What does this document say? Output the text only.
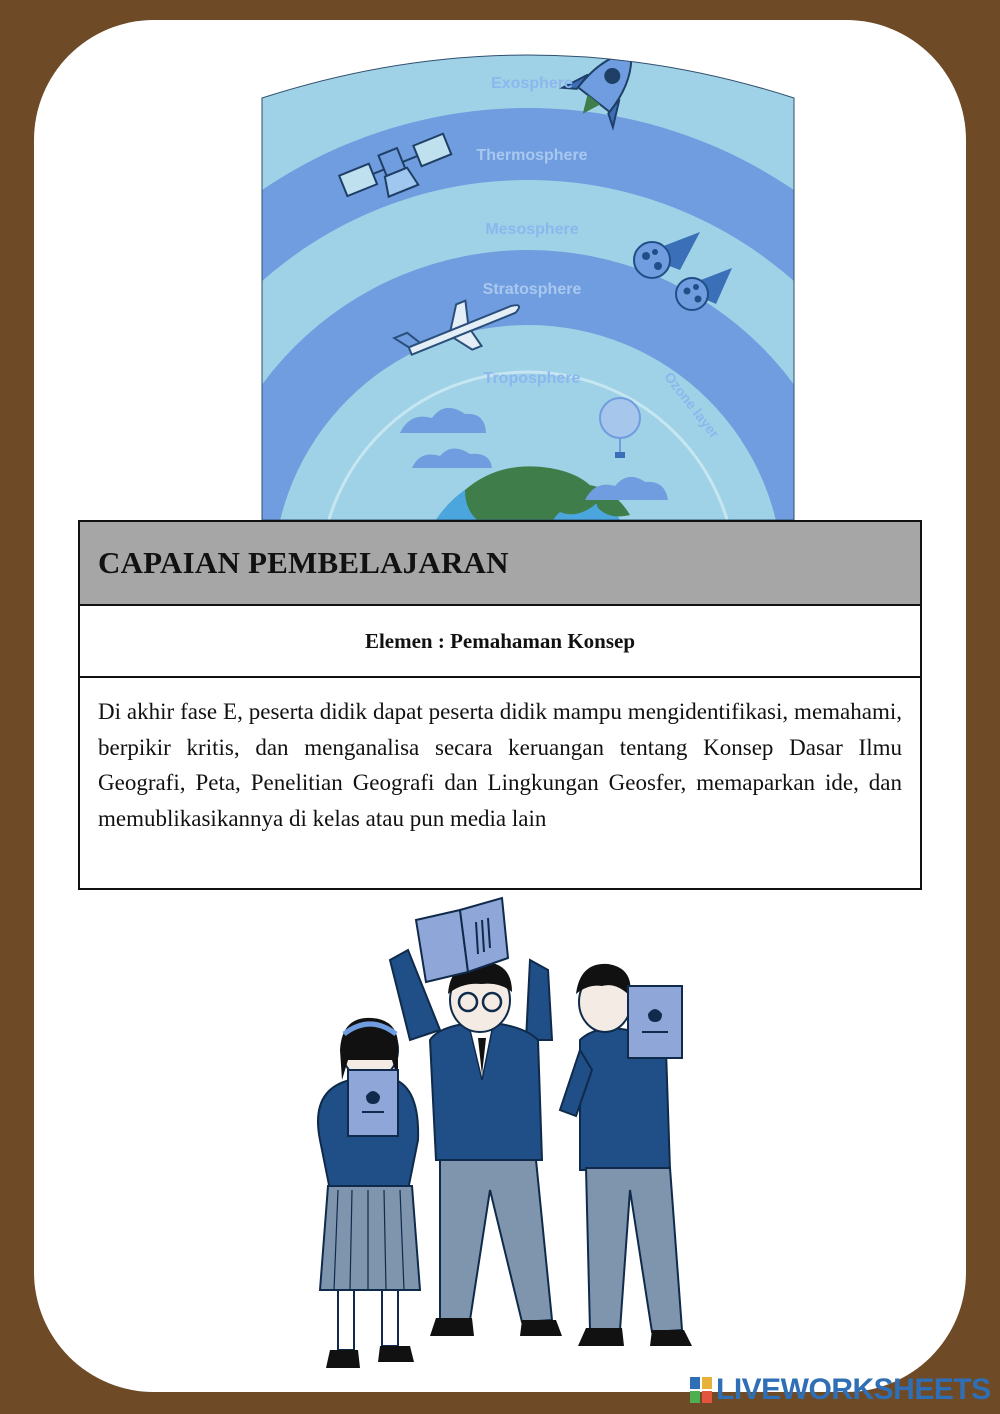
Exosphere
Thermosphere
Mesosphere
Stratosphere
Troposphere	Ozone layer
CAPAIAN PEMBELAJARAN
Elemen : Pemahaman Konsep
Di akhir fase E, peserta didik dapat peserta didik mampu mengidentifikasi, memahami, berpikir kritis, dan menganalisa secara keruangan tentang Konsep Dasar Ilmu Geografi, Peta, Penelitian Geografi dan Lingkungan Geosfer, memaparkan ide, dan memublikasikannya di kelas atau pun media lain
LIVEWORKSHEETS
